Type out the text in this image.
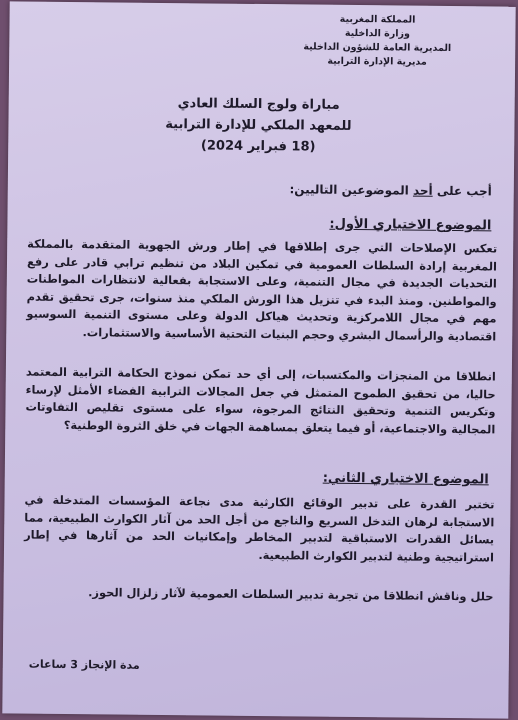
المملكة المغربية
وزارة الداخلية
المديرية العامة للشؤون الداخلية
مديرية الإدارة الترابية
مباراة ولوج السلك العادي
للمعهد الملكي للإدارة الترابية
(18 فبراير 2024)
أجب على أحد الموضوعين التاليين:
الموضوع الاختياري الأول:
تعكس الإصلاحات التي جرى إطلاقها في إطار ورش الجهوية المتقدمة بالمملكة المغربية إرادة السلطات العمومية في تمكين البلاد من تنظيم ترابي قادر على رفع التحديات الجديدة في مجال التنمية، وعلى الاستجابة بفعالية لانتظارات المواطنات والمواطنين. ومنذ البدء في تنزيل هذا الورش الملكي منذ سنوات، جرى تحقيق تقدم مهم في مجال اللامركزية وتحديث هياكل الدولة وعلى مستوى التنمية السوسيو اقتصادية والرأسمال البشري وحجم البنيات التحتية الأساسية والاستثمارات.
انطلاقا من المنجزات والمكتسبات، إلى أي حد تمكن نموذج الحكامة الترابية المعتمد حاليا، من تحقيق الطموح المتمثل في جعل المجالات الترابية الفضاء الأمثل لإرساء وتكريس التنمية وتحقيق النتائج المرجوة، سواء على مستوى تقليص التفاوتات المجالية والاجتماعية، أو فيما يتعلق بمساهمة الجهات في خلق الثروة الوطنية؟
الموضوع الاختياري الثاني:
تختبر القدرة على تدبير الوقائع الكارثية مدى نجاعة المؤسسات المتدخلة في الاستجابة لرهان التدخل السريع والناجع من أجل الحد من آثار الكوارث الطبيعية، مما يسائل القدرات الاستباقية لتدبير المخاطر وإمكانيات الحد من آثارها في إطار استراتيجية وطنية لتدبير الكوارث الطبيعية.
حلل وناقش انطلاقا من تجربة تدبير السلطات العمومية لآثار زلزال الحوز.
مدة الإنجاز 3 ساعات
